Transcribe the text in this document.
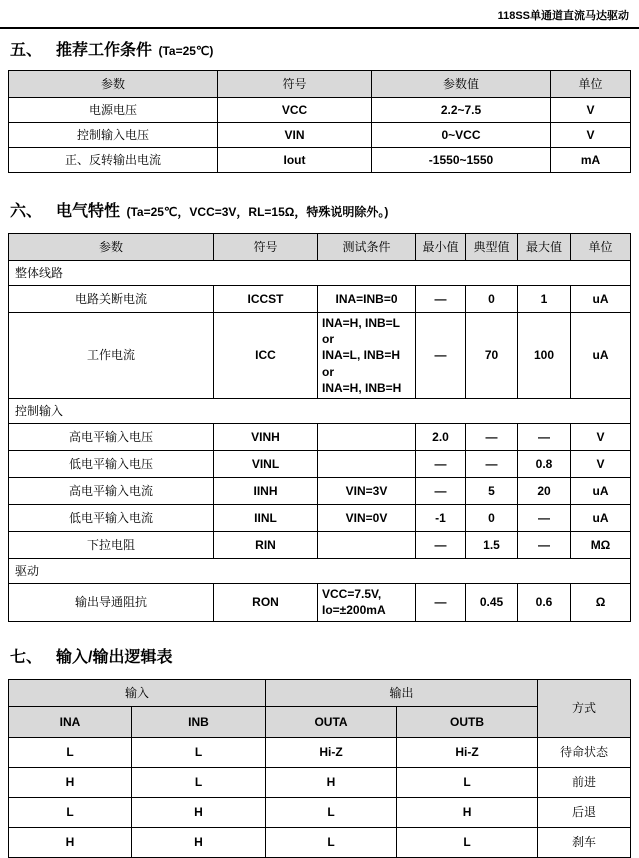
118SS单通道直流马达驱动
五、 推荐工作条件 (Ta=25℃)
参数	符号	参数值	单位
电源电压	VCC	2.2~7.5	V
控制输入电压	VIN	0~VCC	V
正、反转输出电流	Iout	-1550~1550	mA
六、 电气特性 (Ta=25℃，VCC=3V，RL=15Ω，特殊说明除外。)
参数	符号	测试条件	最小值	典型值	最大值	单位
整体线路						
电路关断电流	ICCST	INA=INB=0	—	0	1	uA
工作电流	ICC	INA=H, INB=L or
INA=L, INB=H or
INA=H, INB=H	—	70	100	uA
控制输入						
高电平输入电压	VINH		2.0	—	—	V
低电平输入电压	VINL		—	—	0.8	V
高电平输入电流	IINH	VIN=3V	—	5	20	uA
低电平输入电流	IINL	VIN=0V	-1	0	—	uA
下拉电阻	RIN		—	1.5	—	MΩ
驱动						
输出导通阻抗	RON	VCC=7.5V,
Io=±200mA	—	0.45	0.6	Ω
七、 输入/输出逻辑表
输入		输出		方式
INA	INB	OUTA	OUTB	
L	L	Hi-Z	Hi-Z	待命状态
H	L	H	L	前进
L	H	L	H	后退
H	H	L	L	刹车
